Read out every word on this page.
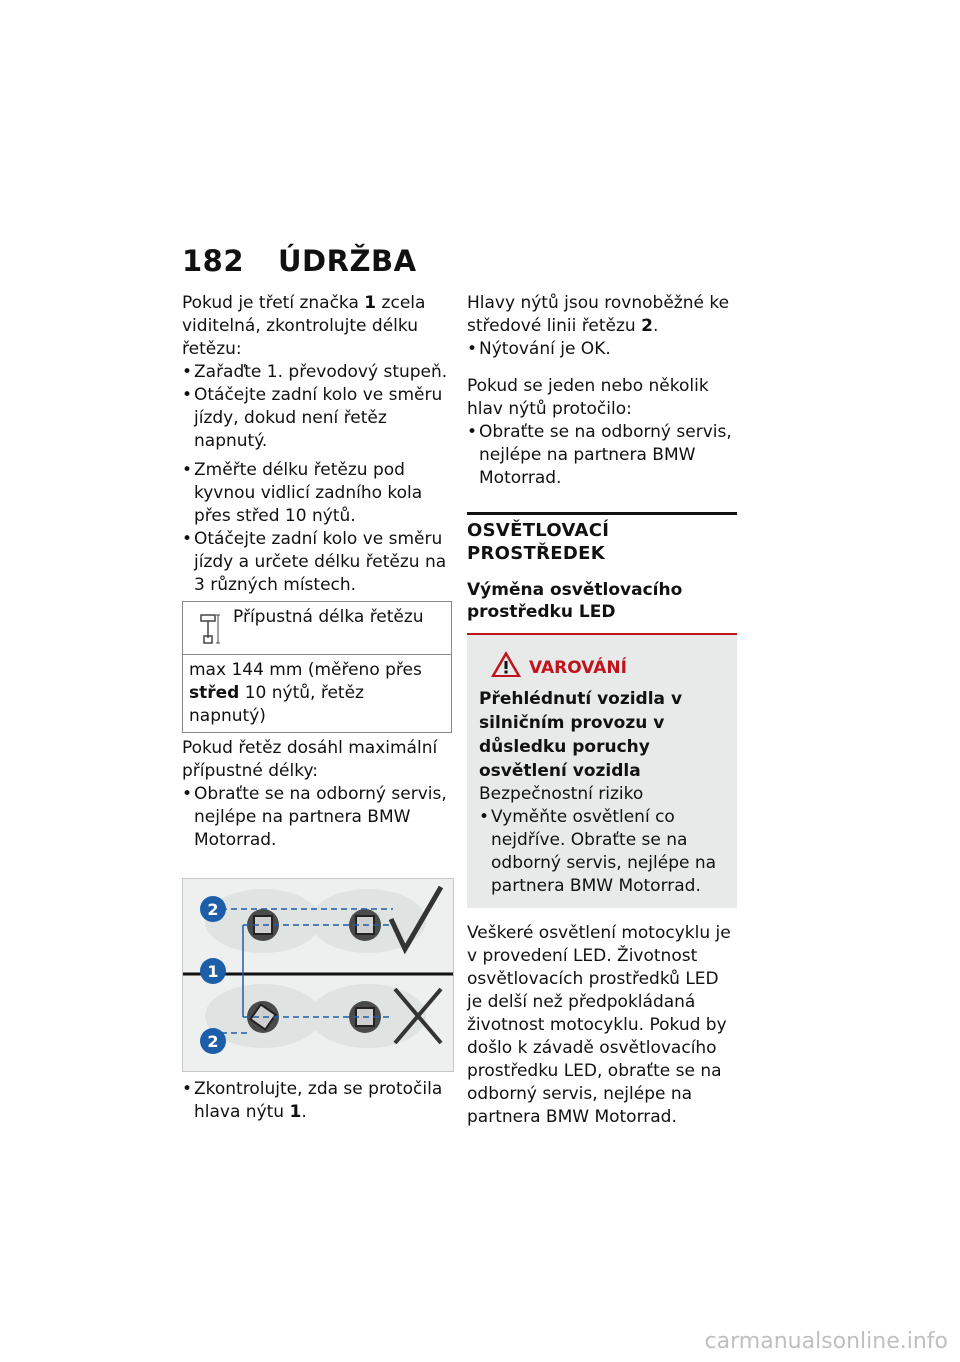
182 ÚDRŽBA

Pokud je třetí značka 1 zcela viditelná, zkontrolujte délku řetězu:

• Zařaďte 1. převodový stupeň.

• Otáčejte zadní kolo ve směru jízdy, dokud není řetěz napnutý.

• Změřte délku řetězu pod kyvnou vidlicí zadního kola přes střed 10 nýtů.

• Otáčejte zadní kolo ve směru jízdy a určete délku řetězu na 3 různých místech.

Přípustná délka řetězu
max 144 mm (měřeno přes střed 10 nýtů, řetěz napnutý)

Pokud řetěz dosáhl maximální přípustné délky:

• Obraťte se na odborný servis, nejlépe na partnera BMW Motorrad.

2
1
2

• Zkontrolujte, zda se protočila hlava nýtu 1.

Hlavy nýtů jsou rovnoběžné ke středové linii řetězu 2.

• Nýtování je OK.

Pokud se jeden nebo několik hlav nýtů protočilo:

• Obraťte se na odborný servis, nejlépe na partnera BMW Motorrad.

OSVĚTLOVACÍ PROSTŘEDEK
Výměna osvětlovacího prostředku LED
VAROVÁNÍ

Přehlédnutí vozidla v silničním provozu v důsledku poruchy osvětlení vozidla

Bezpečnostní riziko

• Vyměňte osvětlení co nejdříve. Obraťte se na odborný servis, nejlépe na partnera BMW Motorrad.

Veškeré osvětlení motocyklu je v provedení LED. Životnost osvětlovacích prostředků LED je delší než předpokládaná životnost motocyklu. Pokud by došlo k závadě osvětlovacího prostředku LED, obraťte se na odborný servis, nejlépe na partnera BMW Motorrad.

carmanualsonline.info
